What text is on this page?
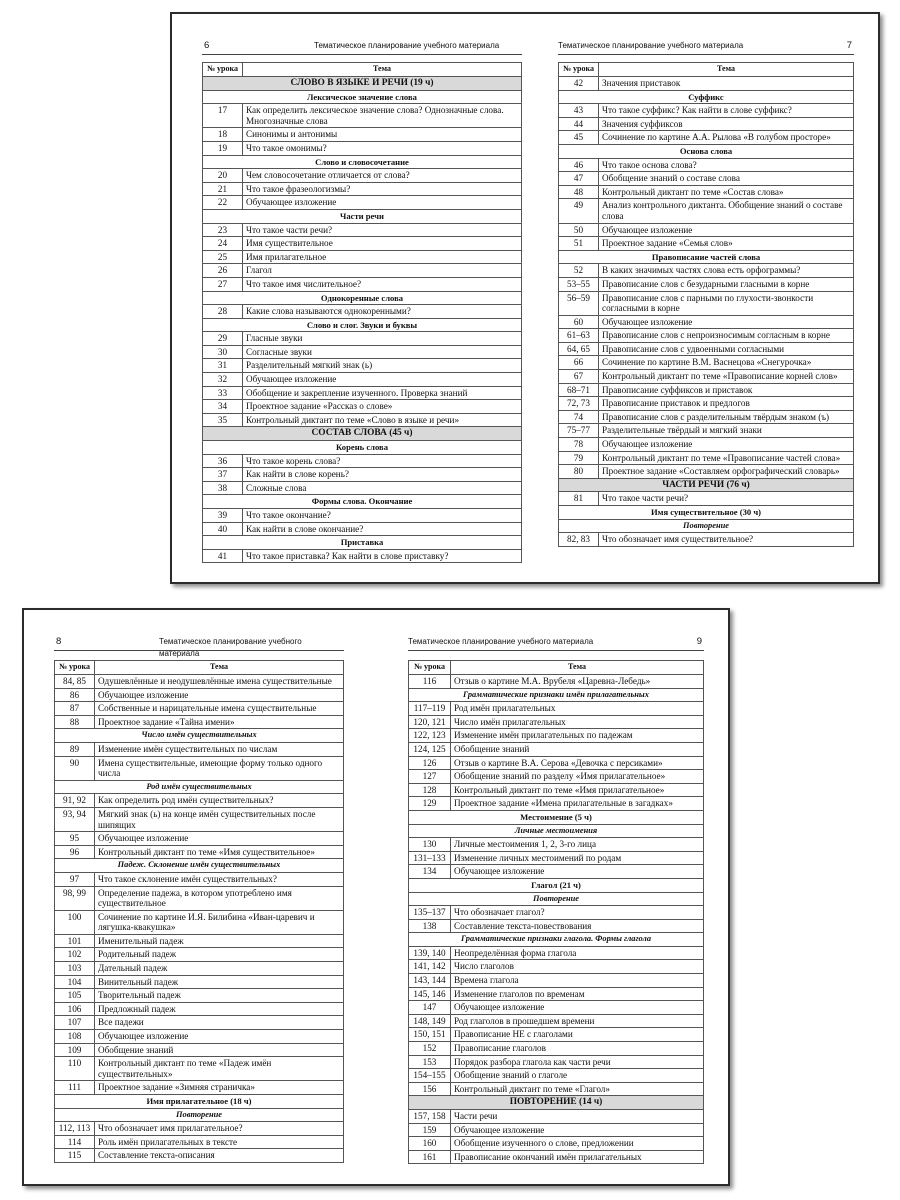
6	Тематическое планирование учебного материала
№ урока	Тема
СЛОВО В ЯЗЫКЕ И РЕЧИ (19 ч)	
Лексическое значение слова	
17	Как определить лексическое значение слова? Однозначные слова. Многозначные слова
18	Синонимы и антонимы
19	Что такое омонимы?
Слово и словосочетание	
20	Чем словосочетание отличается от слова?
21	Что такое фразеологизмы?
22	Обучающее изложение
Части речи	
23	Что такое части речи?
24	Имя существительное
25	Имя прилагательное
26	Глагол
27	Что такое имя числительное?
Однокоренные слова	
28	Какие слова называются однокоренными?
Слово и слог. Звуки и буквы	
29	Гласные звуки
30	Согласные звуки
31	Разделительный мягкий знак (ь)
32	Обучающее изложение
33	Обобщение и закрепление изученного. Проверка знаний
34	Проектное задание «Рассказ о слове»
35	Контрольный диктант по теме «Слово в языке и речи»
СОСТАВ СЛОВА (45 ч)	
Корень слова	
36	Что такое корень слова?
37	Как найти в слове корень?
38	Сложные слова
Формы слова. Окончание	
39	Что такое окончание?
40	Как найти в слове окончание?
Приставка	
41	Что такое приставка? Как найти в слове приставку?
7
Тематическое планирование учебного материала
№ урока	Тема
42	Значения приставок
Суффикс	
43	Что такое суффикс? Как найти в слове суффикс?
44	Значения суффиксов
45	Сочинение по картине А.А. Рылова «В голубом просторе»
Основа слова	
46	Что такое основа слова?
47	Обобщение знаний о составе слова
48	Контрольный диктант по теме «Состав слова»
49	Анализ контрольного диктанта. Обобщение знаний о составе слова
50	Обучающее изложение
51	Проектное задание «Семья слов»
Правописание частей слова	
52	В каких значимых частях слова есть орфограммы?
53–55	Правописание слов с безударными гласными в корне
56–59	Правописание слов с парными по глухости-звонкости согласными в корне
60	Обучающее изложение
61–63	Правописание слов с непроизносимым согласным в корне
64, 65	Правописание слов с удвоенными согласными
66	Сочинение по картине В.М. Васнецова «Снегурочка»
67	Контрольный диктант по теме «Правописание корней слов»
68–71	Правописание суффиксов и приставок
72, 73	Правописание приставок и предлогов
74	Правописание слов с разделительным твёрдым знаком (ъ)
75–77	Разделительные твёрдый и мягкий знаки
78	Обучающее изложение
79	Контрольный диктант по теме «Правописание частей слова»
80	Проектное задание «Составляем орфографический словарь»
ЧАСТИ РЕЧИ (76 ч)	
81	Что такое части речи?
Имя существительное (30 ч)	
Повторение	
82, 83	Что обозначает имя существительное?
8	Тематическое планирование учебного материала
№ урока	Тема
84, 85	Одушевлённые и неодушевлённые имена существительные
86	Обучающее изложение
87	Собственные и нарицательные имена существительные
88	Проектное задание «Тайна имени»
Число имён существительных	
89	Изменение имён существительных по числам
90	Имена существительные, имеющие форму только одного числа
Род имён существительных	
91, 92	Как определить род имён существительных?
93, 94	Мягкий знак (ь) на конце имён существительных после шипящих
95	Обучающее изложение
96	Контрольный диктант по теме «Имя существительное»
Падеж. Склонение имён существительных	
97	Что такое склонение имён существительных?
98, 99	Определение падежа, в котором употреблено имя существительное
100	Сочинение по картине И.Я. Билибина «Иван-царевич и лягушка-квакушка»
101	Именительный падеж
102	Родительный падеж
103	Дательный падеж
104	Винительный падеж
105	Творительный падеж
106	Предложный падеж
107	Все падежи
108	Обучающее изложение
109	Обобщение знаний
110	Контрольный диктант по теме «Падеж имён существительных»
111	Проектное задание «Зимняя страничка»
Имя прилагательное (18 ч)	
Повторение	
112, 113	Что обозначает имя прилагательное?
114	Роль имён прилагательных в тексте
115	Составление текста-описания
9
Тематическое планирование учебного материала
№ урока	Тема
116	Отзыв о картине М.А. Врубеля «Царевна-Лебедь»
Грамматические признаки имён прилагательных	
117–119	Род имён прилагательных
120, 121	Число имён прилагательных
122, 123	Изменение имён прилагательных по падежам
124, 125	Обобщение знаний
126	Отзыв о картине В.А. Серова «Девочка с персиками»
127	Обобщение знаний по разделу «Имя прилагательное»
128	Контрольный диктант по теме «Имя прилагательное»
129	Проектное задание «Имена прилагательные в загадках»
Местоимение (5 ч)	
Личные местоимения	
130	Личные местоимения 1, 2, 3-го лица
131–133	Изменение личных местоимений по родам
134	Обучающее изложение
Глагол (21 ч)	
Повторение	
135–137	Что обозначает глагол?
138	Составление текста-повествования
Грамматические признаки глагола. Формы глагола	
139, 140	Неопределённая форма глагола
141, 142	Число глаголов
143, 144	Времена глагола
145, 146	Изменение глаголов по временам
147	Обучающее изложение
148, 149	Род глаголов в прошедшем времени
150, 151	Правописание НЕ с глаголами
152	Правописание глаголов
153	Порядок разбора глагола как части речи
154–155	Обобщение знаний о глаголе
156	Контрольный диктант по теме «Глагол»
ПОВТОРЕНИЕ (14 ч)	
157, 158	Части речи
159	Обучающее изложение
160	Обобщение изученного о слове, предложении
161	Правописание окончаний имён прилагательных
